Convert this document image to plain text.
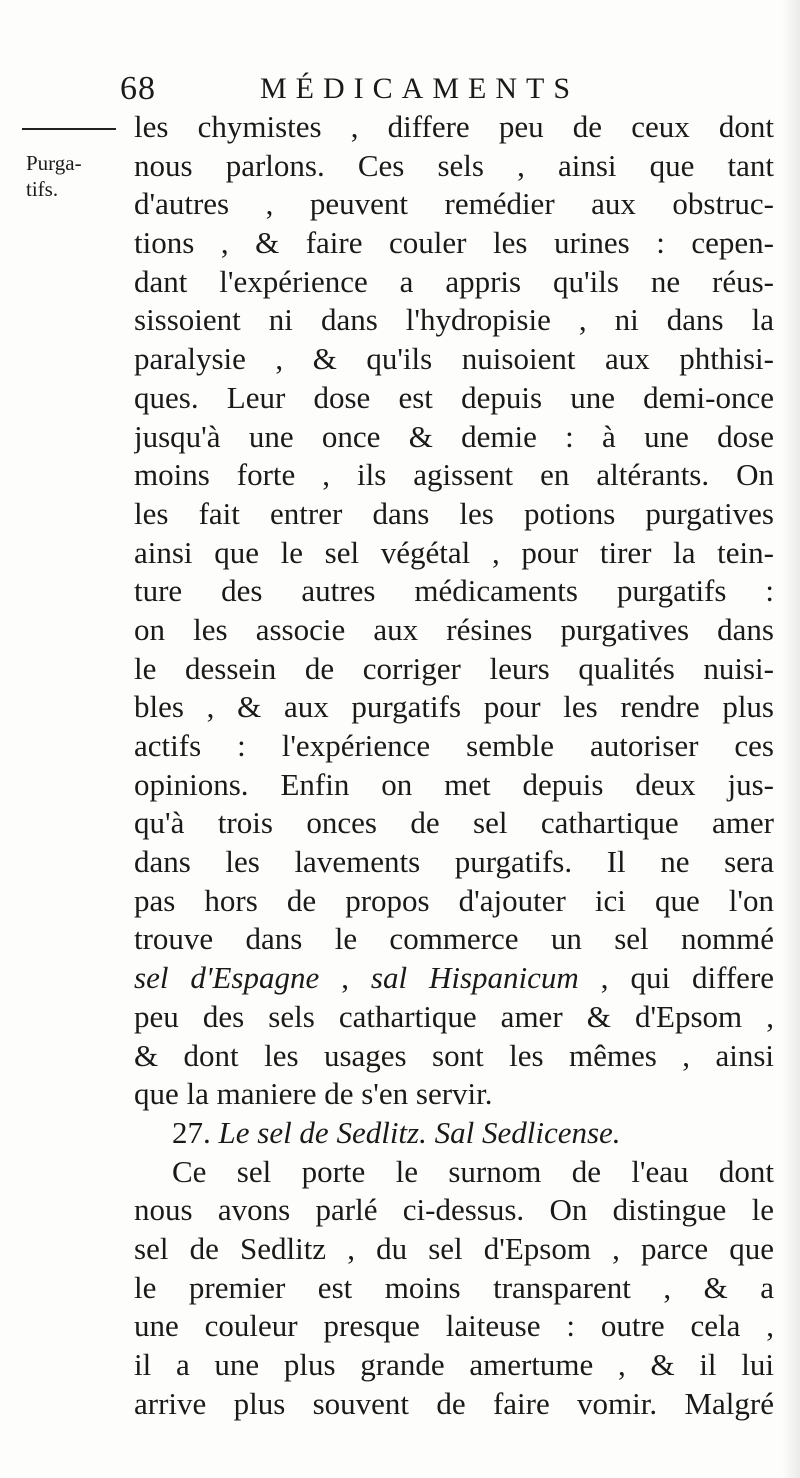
68	MÉDICAMENTS
Purga-
tifs.
les chymistes , differe peu de ceux dont
nous parlons. Ces sels , ainsi que tant
d'autres , peuvent remédier aux obstruc-
tions , & faire couler les urines : cepen-
dant l'expérience a appris qu'ils ne réus-
sissoient ni dans l'hydropisie , ni dans la
paralysie , & qu'ils nuisoient aux phthisi-
ques. Leur dose est depuis une demi-once
jusqu'à une once & demie : à une dose
moins forte , ils agissent en altérants. On
les fait entrer dans les potions purgatives
ainsi que le sel végétal , pour tirer la tein-
ture des autres médicaments purgatifs :
on les associe aux résines purgatives dans
le dessein de corriger leurs qualités nuisi-
bles , & aux purgatifs pour les rendre plus
actifs : l'expérience semble autoriser ces
opinions. Enfin on met depuis deux jus-
qu'à trois onces de sel cathartique amer
dans les lavements purgatifs. Il ne sera
pas hors de propos d'ajouter ici que l'on
trouve dans le commerce un sel nommé
sel d'Espagne , sal Hispanicum , qui differe
peu des sels cathartique amer & d'Epsom ,
& dont les usages sont les mêmes , ainsi
que la maniere de s'en servir.
27. Le sel de Sedlitz. Sal Sedlicense.
Ce sel porte le surnom de l'eau dont
nous avons parlé ci-dessus. On distingue le
sel de Sedlitz , du sel d'Epsom , parce que
le premier est moins transparent , & a
une couleur presque laiteuse : outre cela ,
il a une plus grande amertume , & il lui
arrive plus souvent de faire vomir. Malgré
